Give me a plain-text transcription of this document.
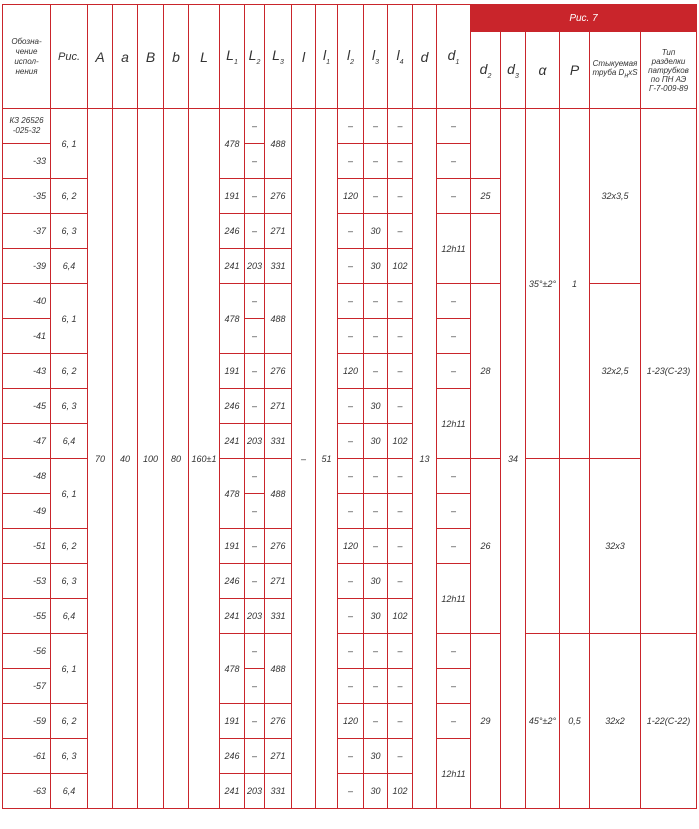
Обозна-
чение
испол-
нения	Рис.	A	a	B	b	L	$L_1$	$L_2$	$L_3$	l	$l_1$	$l_2$	$l_3$	$l_4$	d	$d_1$	Рис. 7					
																	$d_2$	$d_3$	α	P	Стыкуемая
труба $D_нхS$	Тип
разделки
патрубков
по ПН АЭ
Г-7-009-89
КЗ 26526
-025-32	6, 1	70	40	100	80	160±1	478	–	488	–	51	–	–	–	13	–		34	35°±2°	1	32х3,5	1-23(С-23)
-33								–				–	–	–		–						
-35	6, 2						191	–	276			120	–	–		–	25					
-37	6, 3						246	–	271			–	30	–		12h11						
-39	6,4						241	203	331			–	30	102								
-40	6, 1						478	–	488			–	–	–		–	28				32х2,5	
-41								–				–	–	–		–						
-43	6, 2						191	–	276			120	–	–		–						
-45	6, 3						246	–	271			–	30	–		12h11						
-47	6,4						241	203	331			–	30	102								
-48	6, 1						478	–	488			–	–	–		–	26				32х3	
-49								–				–	–	–		–						
-51	6, 2						191	–	276			120	–	–		–						
-53	6, 3						246	–	271			–	30	–		12h11						
-55	6,4						241	203	331			–	30	102								
-56	6, 1						478	–	488			–	–	–		–	29		45°±2°	0,5	32х2	1-22(С-22)
-57								–				–	–	–		–						
-59	6, 2						191	–	276			120	–	–		–						
-61	6, 3						246	–	271			–	30	–		12h11						
-63	6,4						241	203	331			–	30	102								
